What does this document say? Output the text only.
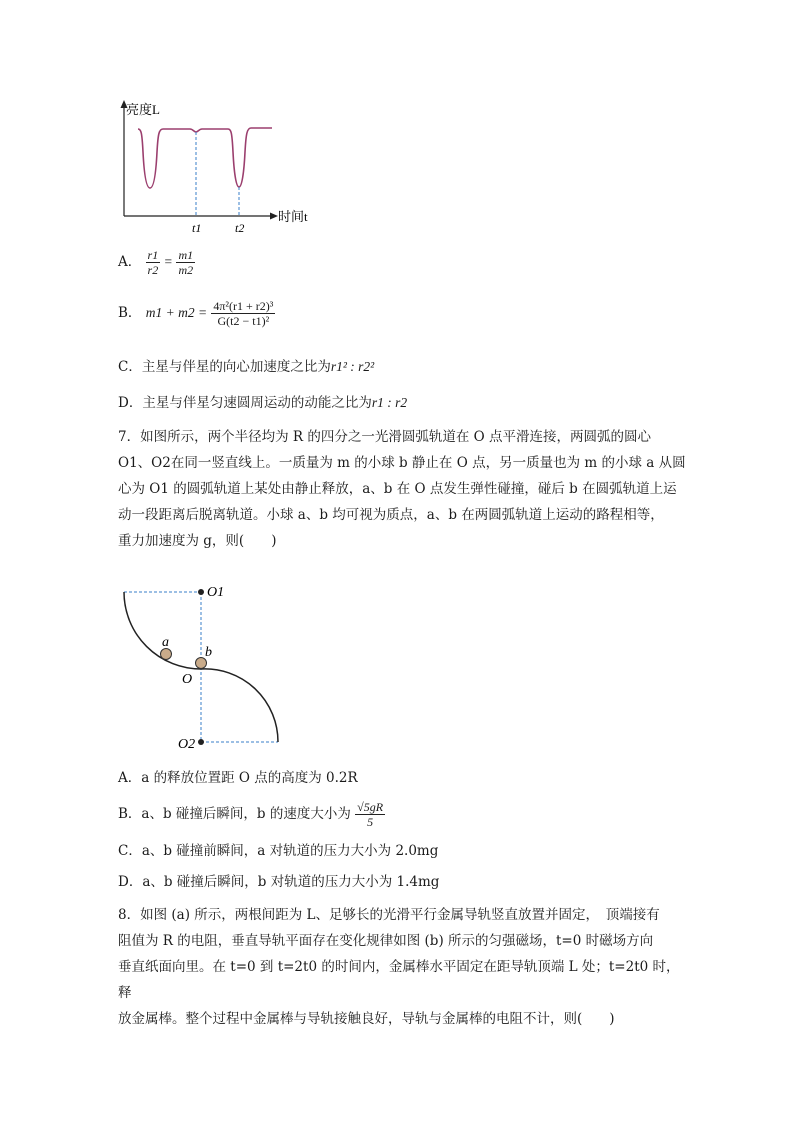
亮度L
时间t
t1	t2
A． $\frac{r1}{r2} = \frac{m1}{m2}$
B． $m1 + m2 = \frac{\text{4π²(r1 + r2)³}}{\text{G(t2 − t1)²}}$
C．主星与伴星的向心加速度之比为r1² : r2²
D．主星与伴星匀速圆周运动的动能之比为r1 : r2
7．如图所示，两个半径均为 R 的四分之一光滑圆弧轨道在 O 点平滑连接，两圆弧的圆心
O1、O2在同一竖直线上。一质量为 m 的小球 b 静止在 O 点，另一质量也为 m 的小球 a 从圆
心为 O1 的圆弧轨道上某处由静止释放，a、b 在 O 点发生弹性碰撞，碰后 b 在圆弧轨道上运
动一段距离后脱离轨道。小球 a、b 均可视为质点，a、b 在两圆弧轨道上运动的路程相等，
重力加速度为 g，则(　　)
O1
a
b
O
O2
A．a 的释放位置距 O 点的高度为 0.2R
B．a、b 碰撞后瞬间，b 的速度大小为 $\frac{√5gR}{5}$
C．a、b 碰撞前瞬间，a 对轨道的压力大小为 2.0mg
D．a、b 碰撞后瞬间，b 对轨道的压力大小为 1.4mg
8．如图 (a) 所示，两根间距为 L、足够长的光滑平行金属导轨竖直放置并固定，　顶端接有
阻值为 R 的电阻，垂直导轨平面存在变化规律如图 (b) 所示的匀强磁场，t=0 时磁场方向
垂直纸面向里。在 t=0 到 t=2t0 的时间内，金属棒水平固定在距导轨顶端 L 处；t=2t0 时，释
放金属棒。整个过程中金属棒与导轨接触良好，导轨与金属棒的电阻不计，则(　　)
